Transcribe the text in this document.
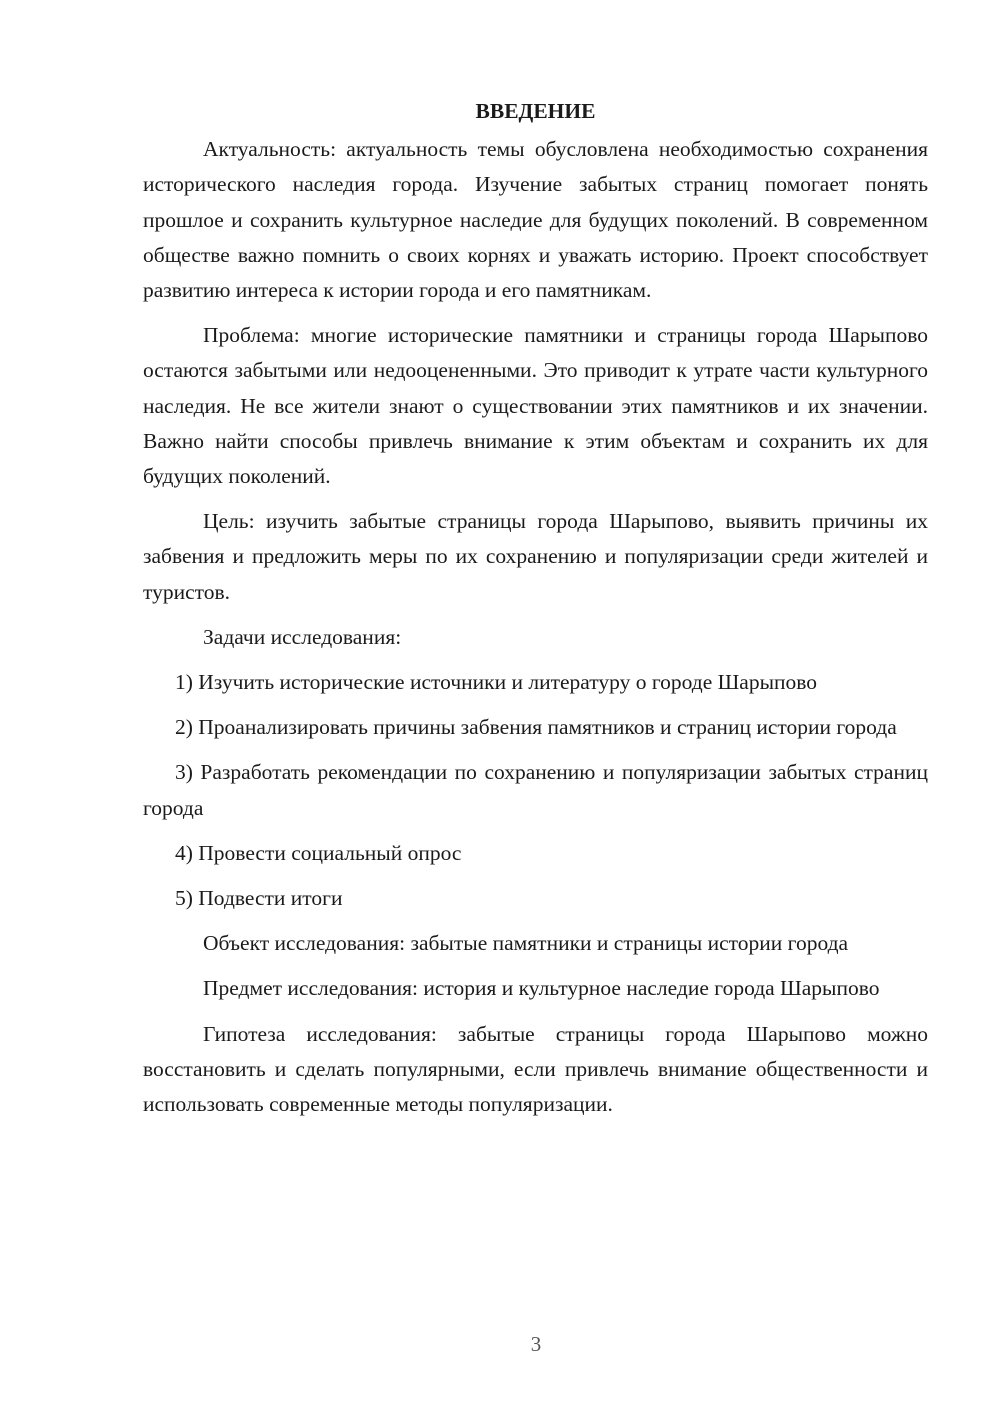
ВВЕДЕНИЕ

Актуальность: актуальность темы обусловлена необходимостью сохранения исторического наследия города. Изучение забытых страниц помогает понять прошлое и сохранить культурное наследие для будущих поколений. В современном обществе важно помнить о своих корнях и уважать историю. Проект способствует развитию интереса к истории города и его памятникам.

Проблема: многие исторические памятники и страницы города Шарыпово остаются забытыми или недооцененными. Это приводит к утрате части культурного наследия. Не все жители знают о существовании этих памятников и их значении. Важно найти способы привлечь внимание к этим объектам и сохранить их для будущих поколений.

Цель: изучить забытые страницы города Шарыпово, выявить причины их забвения и предложить меры по их сохранению и популяризации среди жителей и туристов.

Задачи исследования:

1) Изучить исторические источники и литературу о городе Шарыпово

2) Проанализировать причины забвения памятников и страниц истории города

3) Разработать рекомендации по сохранению и популяризации забытых страниц города

4) Провести социальный опрос

5) Подвести итоги

Объект исследования: забытые памятники и страницы истории города

Предмет исследования: история и культурное наследие города Шарыпово

Гипотеза исследования: забытые страницы города Шарыпово можно восстановить и сделать популярными, если привлечь внимание общественности и использовать современные методы популяризации.

3
